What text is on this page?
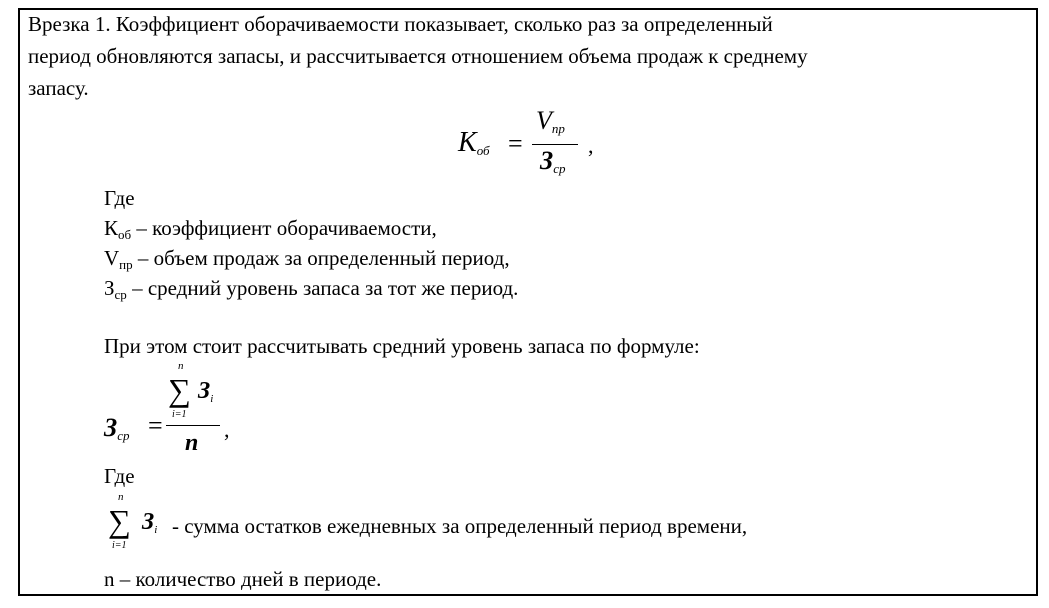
Врезка 1. Коэффициент оборачиваемости показывает, сколько раз за определенный
период обновляются запасы, и рассчитывается отношением объема продаж к среднему
запасу.
$K_{об}$ =
$V_{пр}$
$З_{ср}$
,
Где
$К_{об}$ – коэффициент оборачиваемости,
$V_{пр}$ – объем продаж за определенный период,
$З_{ср}$ – средний уровень запаса за тот же период.
При этом стоит рассчитывать средний уровень запаса по формуле:
$З_{ср}$ =
n
∑
i=1
$З_i$
n
,
Где
n
∑
i=1
$З_i$ - сумма остатков ежедневных за определенный период времени,
n – количество дней в периоде.
